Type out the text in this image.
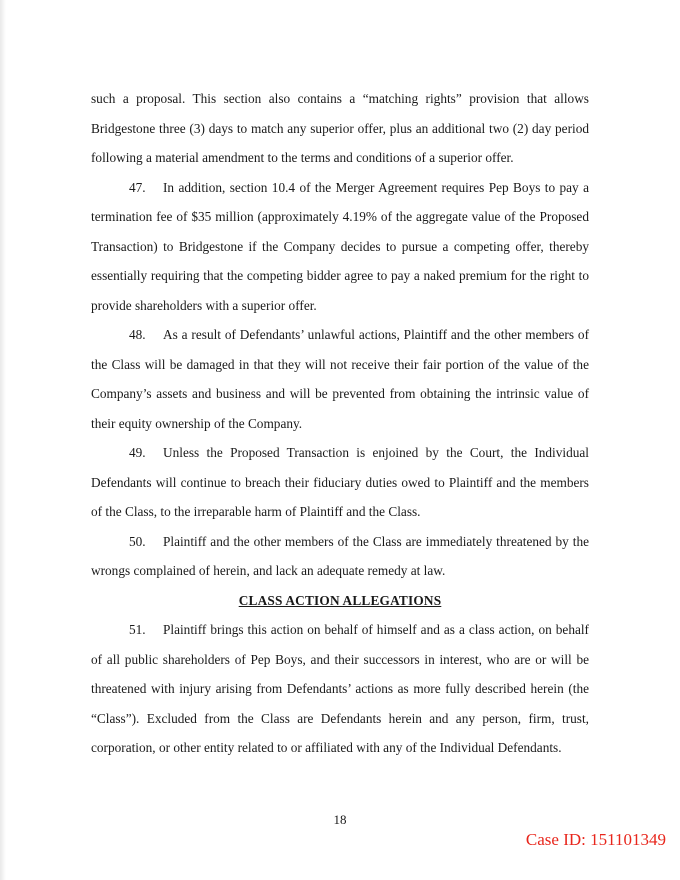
such a proposal. This section also contains a “matching rights” provision that allows Bridgestone three (3) days to match any superior offer, plus an additional two (2) day period following a material amendment to the terms and conditions of a superior offer.

47. In addition, section 10.4 of the Merger Agreement requires Pep Boys to pay a termination fee of $35 million (approximately 4.19% of the aggregate value of the Proposed Transaction) to Bridgestone if the Company decides to pursue a competing offer, thereby essentially requiring that the competing bidder agree to pay a naked premium for the right to provide shareholders with a superior offer.

48. As a result of Defendants’ unlawful actions, Plaintiff and the other members of the Class will be damaged in that they will not receive their fair portion of the value of the Company’s assets and business and will be prevented from obtaining the intrinsic value of their equity ownership of the Company.

49. Unless the Proposed Transaction is enjoined by the Court, the Individual Defendants will continue to breach their fiduciary duties owed to Plaintiff and the members of the Class, to the irreparable harm of Plaintiff and the Class.

50. Plaintiff and the other members of the Class are immediately threatened by the wrongs complained of herein, and lack an adequate remedy at law.

CLASS ACTION ALLEGATIONS

51. Plaintiff brings this action on behalf of himself and as a class action, on behalf of all public shareholders of Pep Boys, and their successors in interest, who are or will be threatened with injury arising from Defendants’ actions as more fully described herein (the “Class”). Excluded from the Class are Defendants herein and any person, firm, trust, corporation, or other entity related to or affiliated with any of the Individual Defendants.

18
Case ID: 151101349
